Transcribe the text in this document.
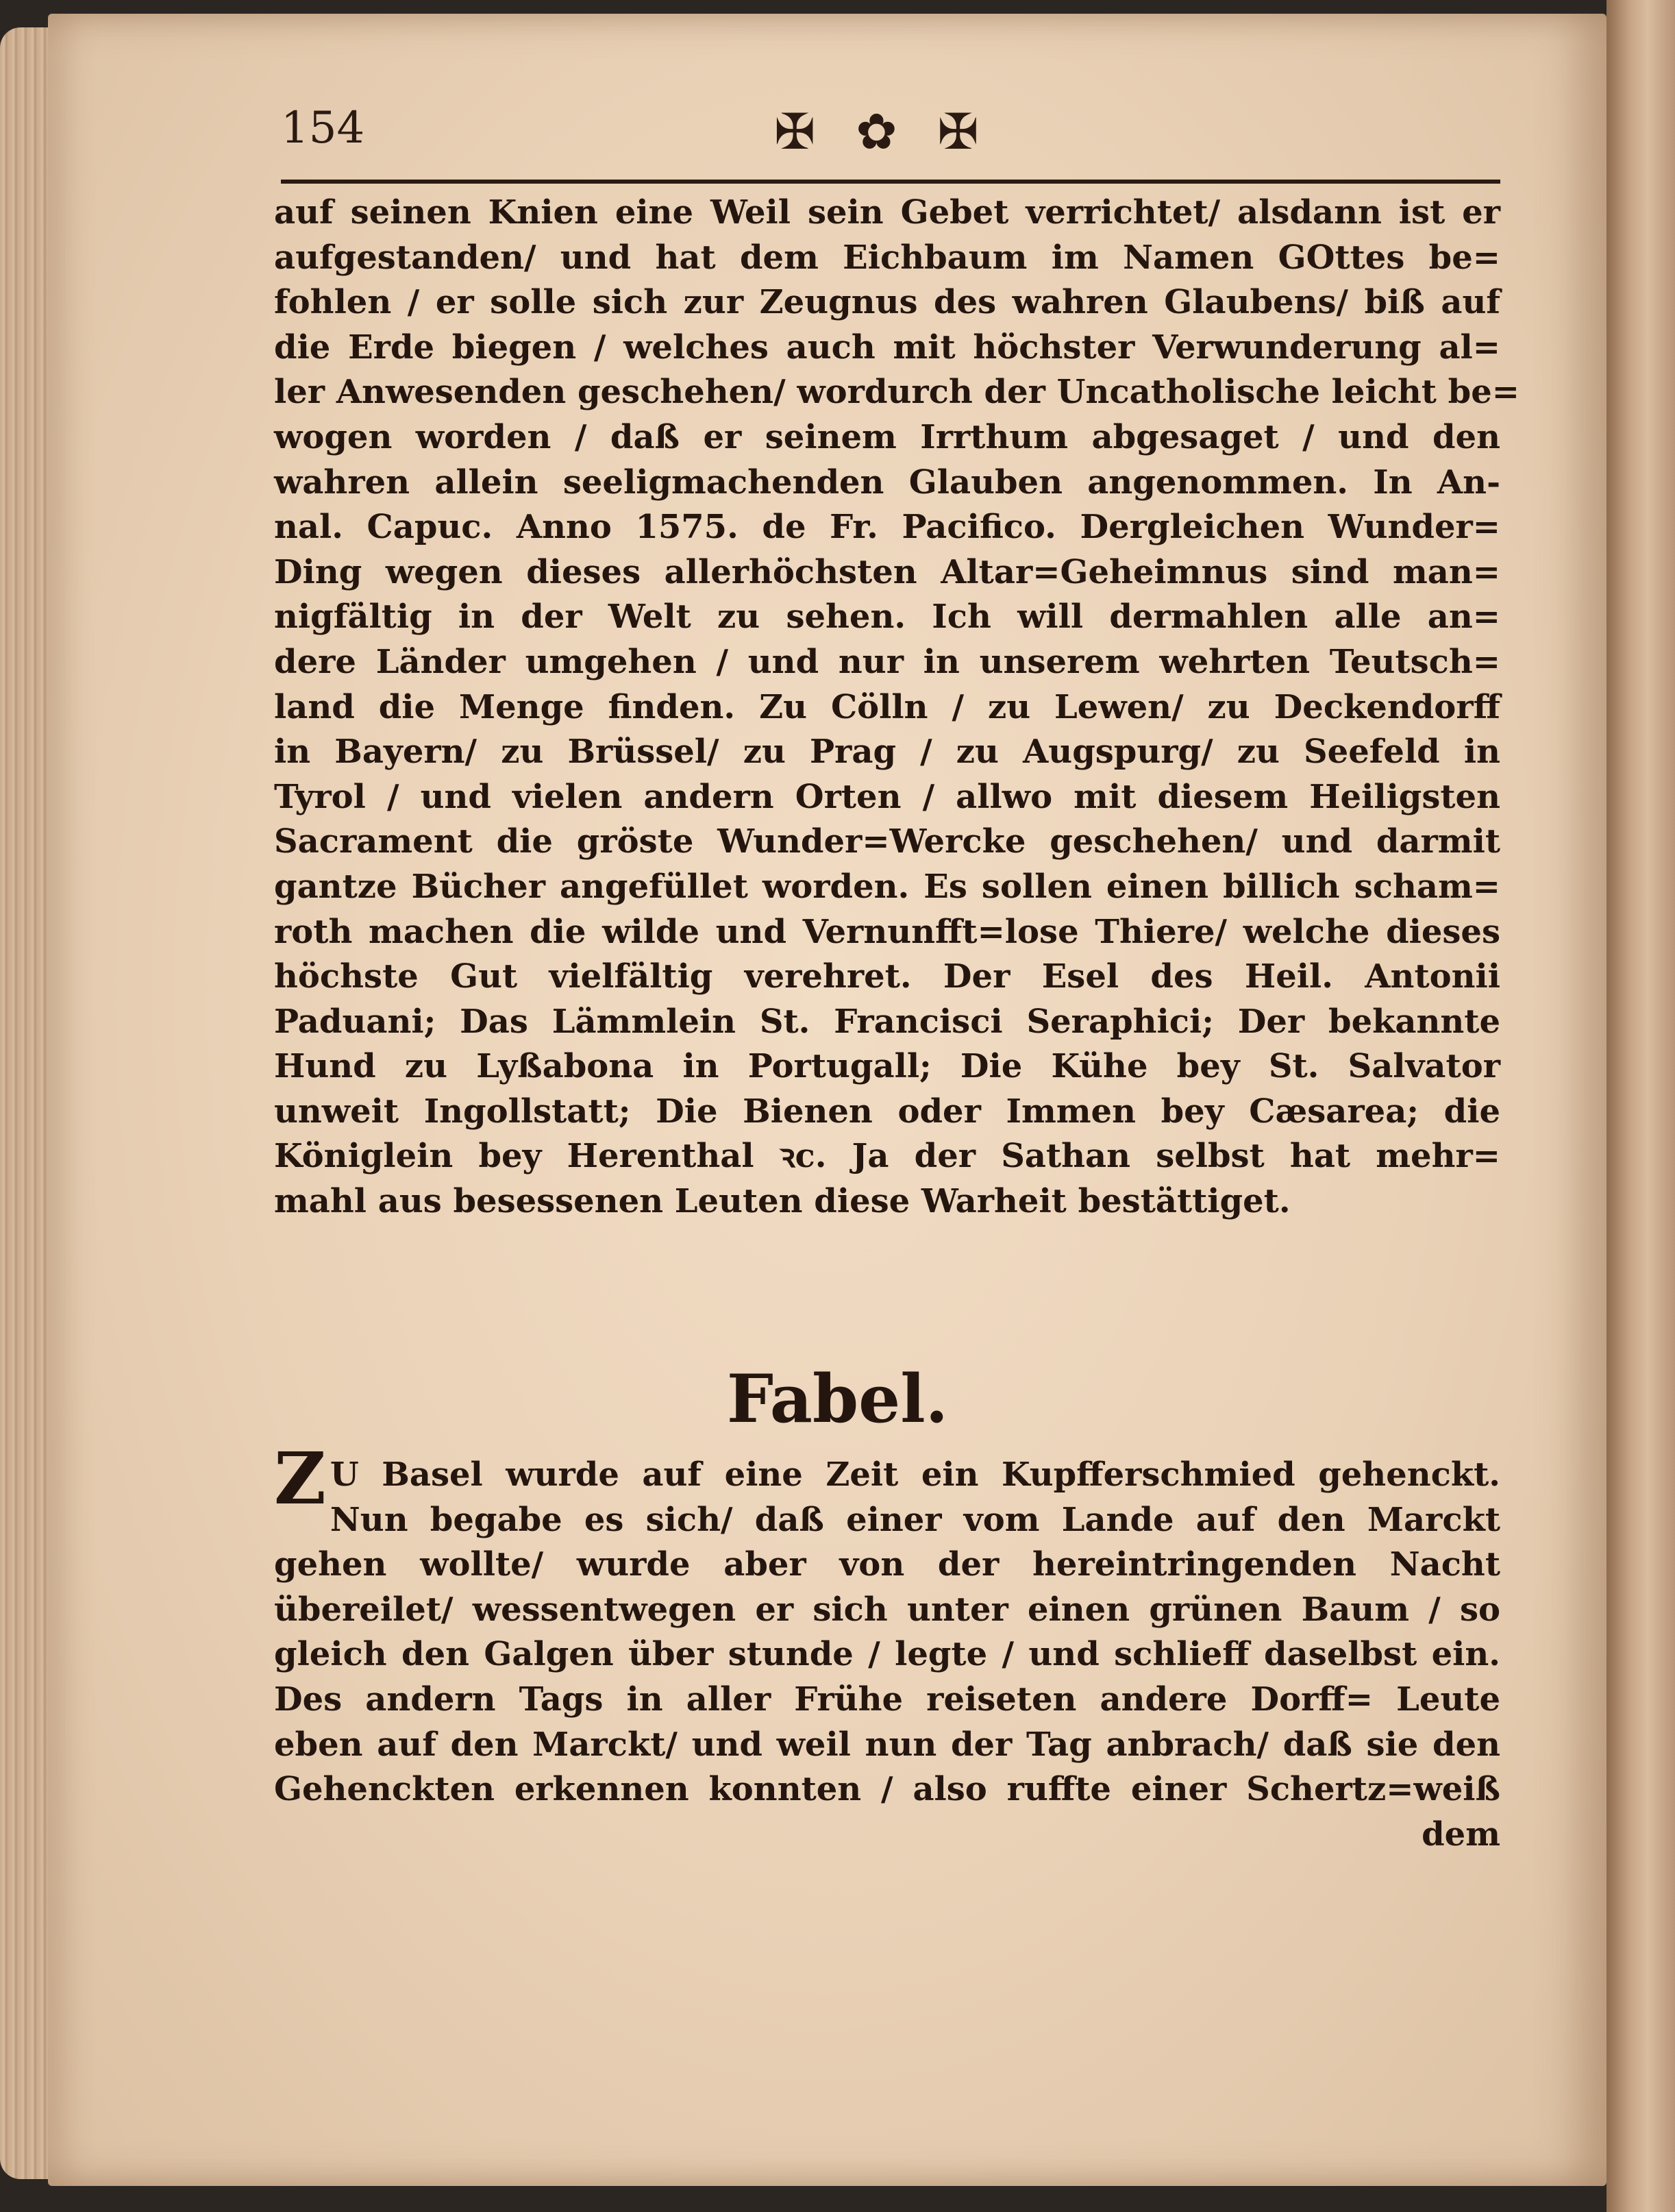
154	✠ ✿ ✠
auf seinen Knien eine Weil sein Gebet verrichtet/ alsdann ist er
aufgestanden/ und hat dem Eichbaum im Namen GOttes be=
fohlen / er solle sich zur Zeugnus des wahren Glaubens/ biß auf
die Erde biegen / welches auch mit höchster Verwunderung al=
ler Anwesenden geschehen/ wordurch der Uncatholische leicht be=
wogen worden / daß er seinem Irrthum abgesaget / und den
wahren allein seeligmachenden Glauben angenommen. In An-
nal. Capuc. Anno 1575. de Fr. Pacifico. Dergleichen Wunder=
Ding wegen dieses allerhöchsten Altar=Geheimnus sind man=
nigfältig in der Welt zu sehen. Ich will dermahlen alle an=
dere Länder umgehen / und nur in unserem wehrten Teutsch=
land die Menge finden. Zu Cölln / zu Lewen/ zu Deckendorff
in Bayern/ zu Brüssel/ zu Prag / zu Augspurg/ zu Seefeld in
Tyrol / und vielen andern Orten / allwo mit diesem Heiligsten
Sacrament die gröste Wunder=Wercke geschehen/ und darmit
gantze Bücher angefüllet worden. Es sollen einen billich scham=
roth machen die wilde und Vernunfft=lose Thiere/ welche dieses
höchste Gut vielfältig verehret. Der Esel des Heil. Antonii
Paduani; Das Lämmlein St. Francisci Seraphici; Der bekannte
Hund zu Lyßabona in Portugall; Die Kühe bey St. Salvator
unweit Ingollstatt; Die Bienen oder Immen bey Cæsarea; die
Königlein bey Herenthal ꝛc. Ja der Sathan selbst hat mehr=
mahl aus besessenen Leuten diese Warheit bestättiget.
Fabel.
Z U Basel wurde auf eine Zeit ein Kupfferschmied gehenckt.
Nun begabe es sich/ daß einer vom Lande auf den Marckt
gehen wollte/ wurde aber von der hereintringenden Nacht
übereilet/ wessentwegen er sich unter einen grünen Baum / so
gleich den Galgen über stunde / legte / und schlieff daselbst ein.
Des andern Tags in aller Frühe reiseten andere Dorff= Leute
eben auf den Marckt/ und weil nun der Tag anbrach/ daß sie den
Gehenckten erkennen konnten / also ruffte einer Schertz=weiß
dem
